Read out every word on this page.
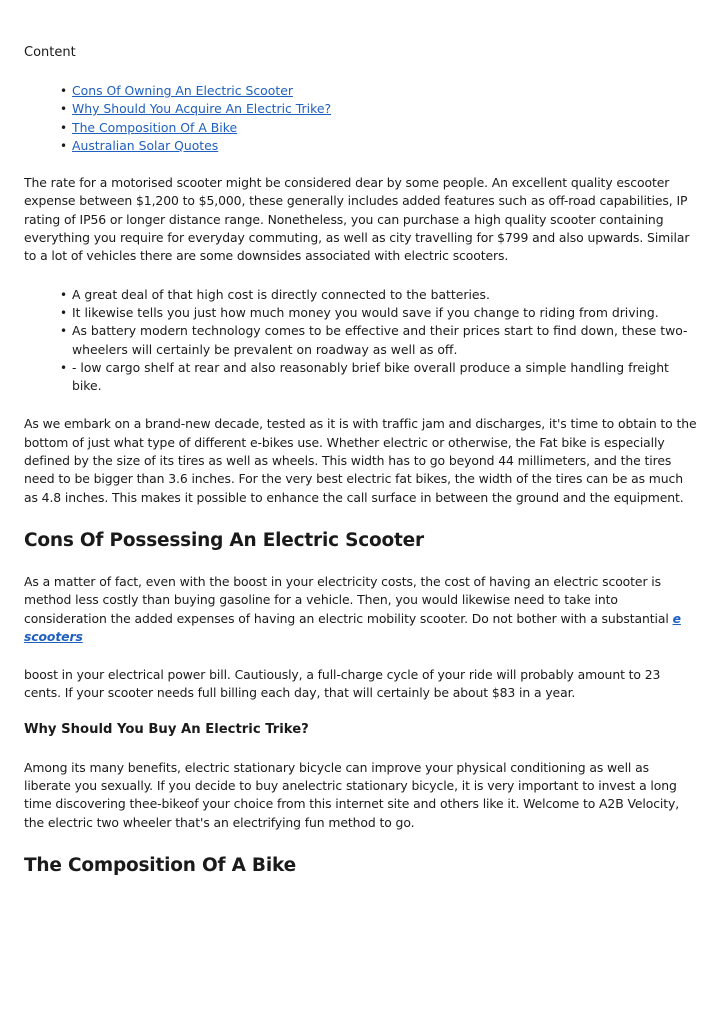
Content
• Cons Of Owning An Electric Scooter
• Why Should You Acquire An Electric Trike?
• The Composition Of A Bike
• Australian Solar Quotes

The rate for a motorised scooter might be considered dear by some people. An excellent quality escooter expense between $1,200 to $5,000, these generally includes added features such as off-road capabilities, IP rating of IP56 or longer distance range. Nonetheless, you can purchase a high quality scooter containing everything you require for everyday commuting, as well as city travelling for $799 and also upwards. Similar to a lot of vehicles there are some downsides associated with electric scooters.

• A great deal of that high cost is directly connected to the batteries.
• It likewise tells you just how much money you would save if you change to riding from driving.
• As battery modern technology comes to be effective and their prices start to find down, these two-wheelers will certainly be prevalent on roadway as well as off.
• - low cargo shelf at rear and also reasonably brief bike overall produce a simple handling freight bike.

As we embark on a brand-new decade, tested as it is with traffic jam and discharges, it's time to obtain to the bottom of just what type of different e-bikes use. Whether electric or otherwise, the Fat bike is especially defined by the size of its tires as well as wheels. This width has to go beyond 44 millimeters, and the tires need to be bigger than 3.6 inches. For the very best electric fat bikes, the width of the tires can be as much as 4.8 inches. This makes it possible to enhance the call surface in between the ground and the equipment.

Cons Of Possessing An Electric Scooter

As a matter of fact, even with the boost in your electricity costs, the cost of having an electric scooter is method less costly than buying gasoline for a vehicle. Then, you would likewise need to take into consideration the added expenses of having an electric mobility scooter. Do not bother with a substantial e scooters

boost in your electrical power bill. Cautiously, a full-charge cycle of your ride will probably amount to 23 cents. If your scooter needs full billing each day, that will certainly be about $83 in a year.

Why Should You Buy An Electric Trike?

Among its many benefits, electric stationary bicycle can improve your physical conditioning as well as liberate you sexually. If you decide to buy anelectric stationary bicycle, it is very important to invest a long time discovering thee-bikeof your choice from this internet site and others like it. Welcome to A2B Velocity, the electric two wheeler that's an electrifying fun method to go.

The Composition Of A Bike
